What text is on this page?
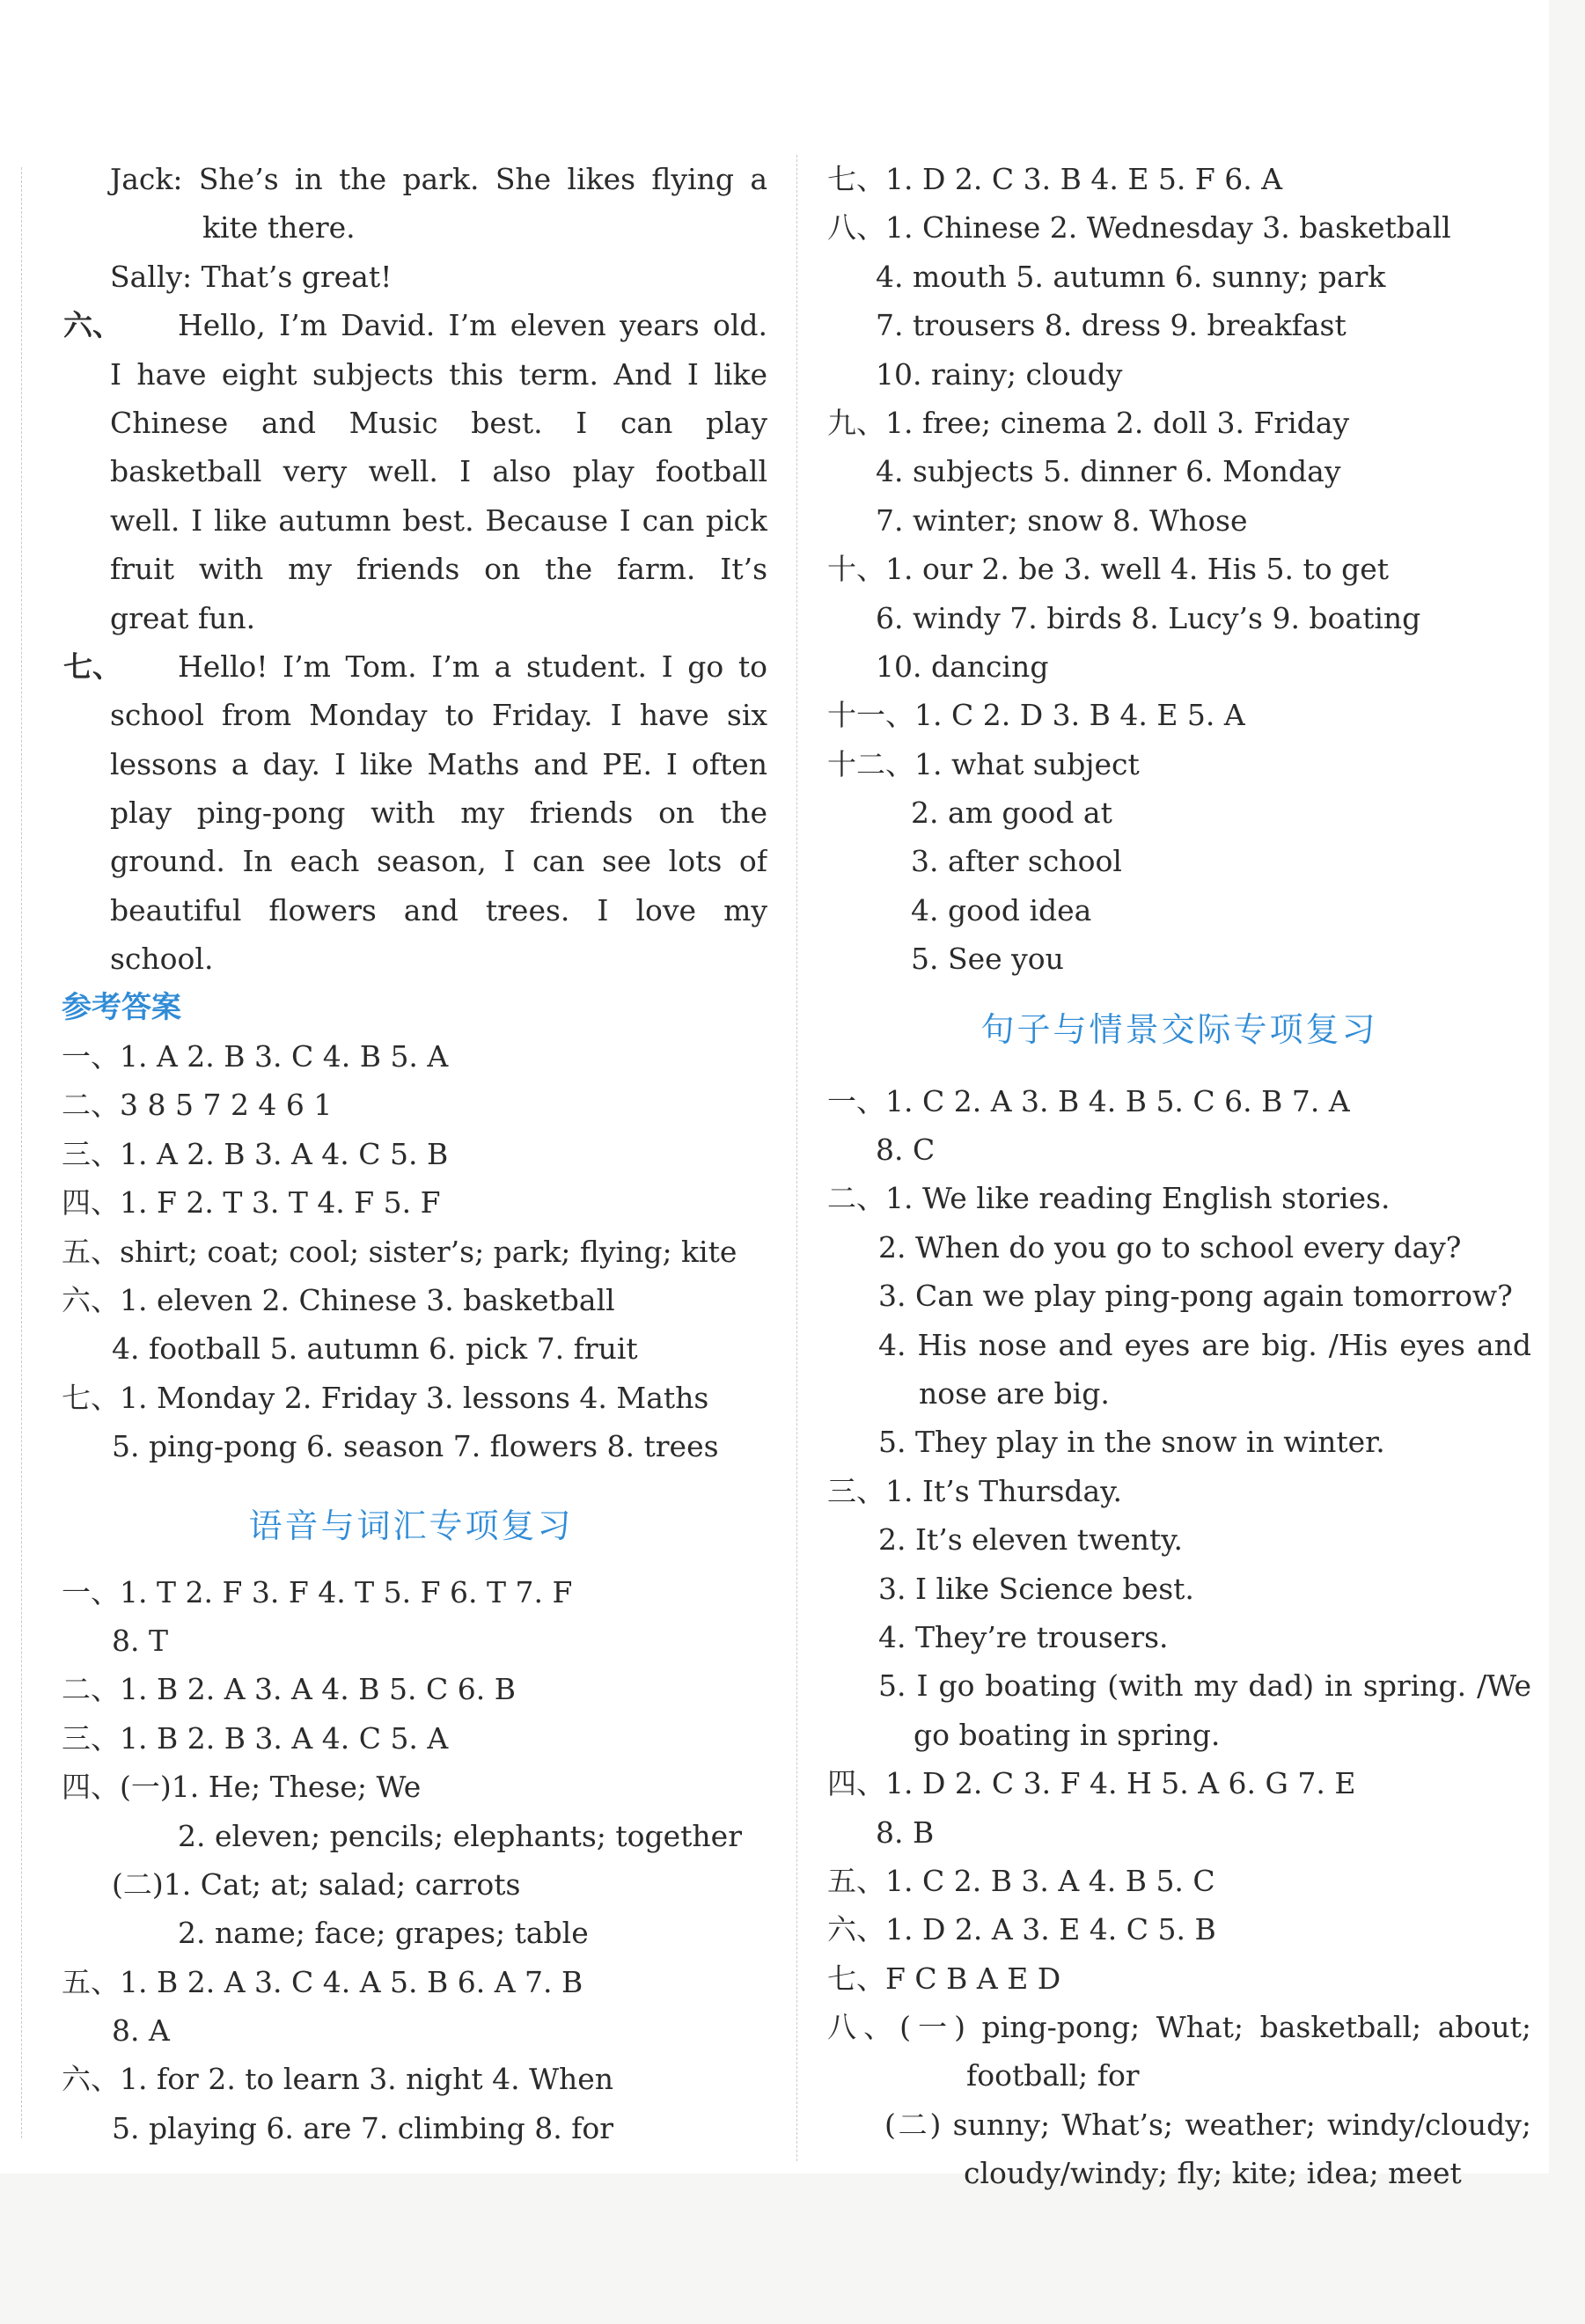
Jack: She’s in the park. She likes flying a
kite there.
Sally: That’s great!
六、 Hello, I’m David. I’m eleven years old.
I have eight subjects this term. And I like
Chinese and Music best. I can play
basketball very well. I also play football
well. I like autumn best. Because I can pick
fruit with my friends on the farm. It’s
great fun.
七、 Hello! I’m Tom. I’m a student. I go to
school from Monday to Friday. I have six
lessons a day. I like Maths and PE. I often
play ping-pong with my friends on the
ground. In each season, I can see lots of
beautiful flowers and trees. I love my
school.
参考答案
一、1. A 2. B 3. C 4. B 5. A
二、3 8 5 7 2 4 6 1
三、1. A 2. B 3. A 4. C 5. B
四、1. F 2. T 3. T 4. F 5. F
五、shirt; coat; cool; sister’s; park; flying; kite
六、1. eleven 2. Chinese 3. basketball
4. football 5. autumn 6. pick 7. fruit
七、1. Monday 2. Friday 3. lessons 4. Maths
5. ping-pong 6. season 7. flowers 8. trees
语音与词汇专项复习
一、1. T 2. F 3. F 4. T 5. F 6. T 7. F
8. T
二、1. B 2. A 3. A 4. B 5. C 6. B
三、1. B 2. B 3. A 4. C 5. A
四、(一)1. He; These; We
2. eleven; pencils; elephants; together
(二)1. Cat; at; salad; carrots
2. name; face; grapes; table
五、1. B 2. A 3. C 4. A 5. B 6. A 7. B
8. A
六、1. for 2. to learn 3. night 4. When
5. playing 6. are 7. climbing 8. for
七、1. D 2. C 3. B 4. E 5. F 6. A
八、1. Chinese 2. Wednesday 3. basketball
4. mouth 5. autumn 6. sunny; park
7. trousers 8. dress 9. breakfast
10. rainy; cloudy
九、1. free; cinema 2. doll 3. Friday
4. subjects 5. dinner 6. Monday
7. winter; snow 8. Whose
十、1. our 2. be 3. well 4. His 5. to get
6. windy 7. birds 8. Lucy’s 9. boating
10. dancing
十一、1. C 2. D 3. B 4. E 5. A
十二、1. what subject
2. am good at
3. after school
4. good idea
5. See you
句子与情景交际专项复习
一、1. C 2. A 3. B 4. B 5. C 6. B 7. A
8. C
二、1. We like reading English stories.
2. When do you go to school every day?
3. Can we play ping-pong again tomorrow?
4. His nose and eyes are big. /His eyes and
nose are big.
5. They play in the snow in winter.
三、1. It’s Thursday.
2. It’s eleven twenty.
3. I like Science best.
4. They’re trousers.
5. I go boating (with my dad) in spring. /We
go boating in spring.
四、1. D 2. C 3. F 4. H 5. A 6. G 7. E
8. B
五、1. C 2. B 3. A 4. B 5. C
六、1. D 2. A 3. E 4. C 5. B
七、F C B A E D
八、(一) ping-pong; What; basketball; about;
football; for
(二) sunny; What’s; weather; windy/cloudy;
cloudy/windy; fly; kite; idea; meet
